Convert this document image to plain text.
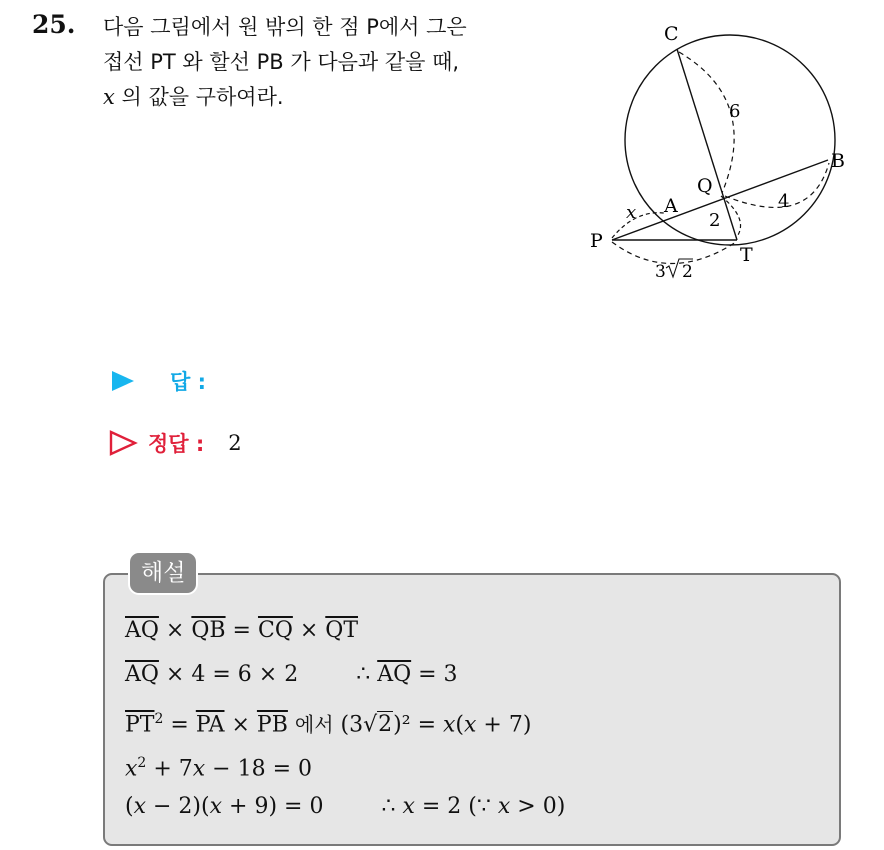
25. 다음 그림에서 원 밖의 한 점 P에서 그은
접선 PT 와 할선 PB 가 다음과 같을 때,
x 의 값을 구하여라.
C
B
Q
A
P
T
6
4
2
x
3 2
답 :
정답 : 2
해설
$\overline{AQ} \times \overline{QB} = \overline{CQ} \times \overline{QT}$
$\overline{AQ} \times 4 = 6 \times 2$	∴ $\overline{AQ} = 3$
$\overline{PT}^2 = \overline{PA} \times \overline{PB}$ 에서 (3√2)² = x(x + 7)
$x^2 + 7x - 18 = 0$
(x − 2)(x + 9) = 0	∴ x = 2 (∵ x > 0)
